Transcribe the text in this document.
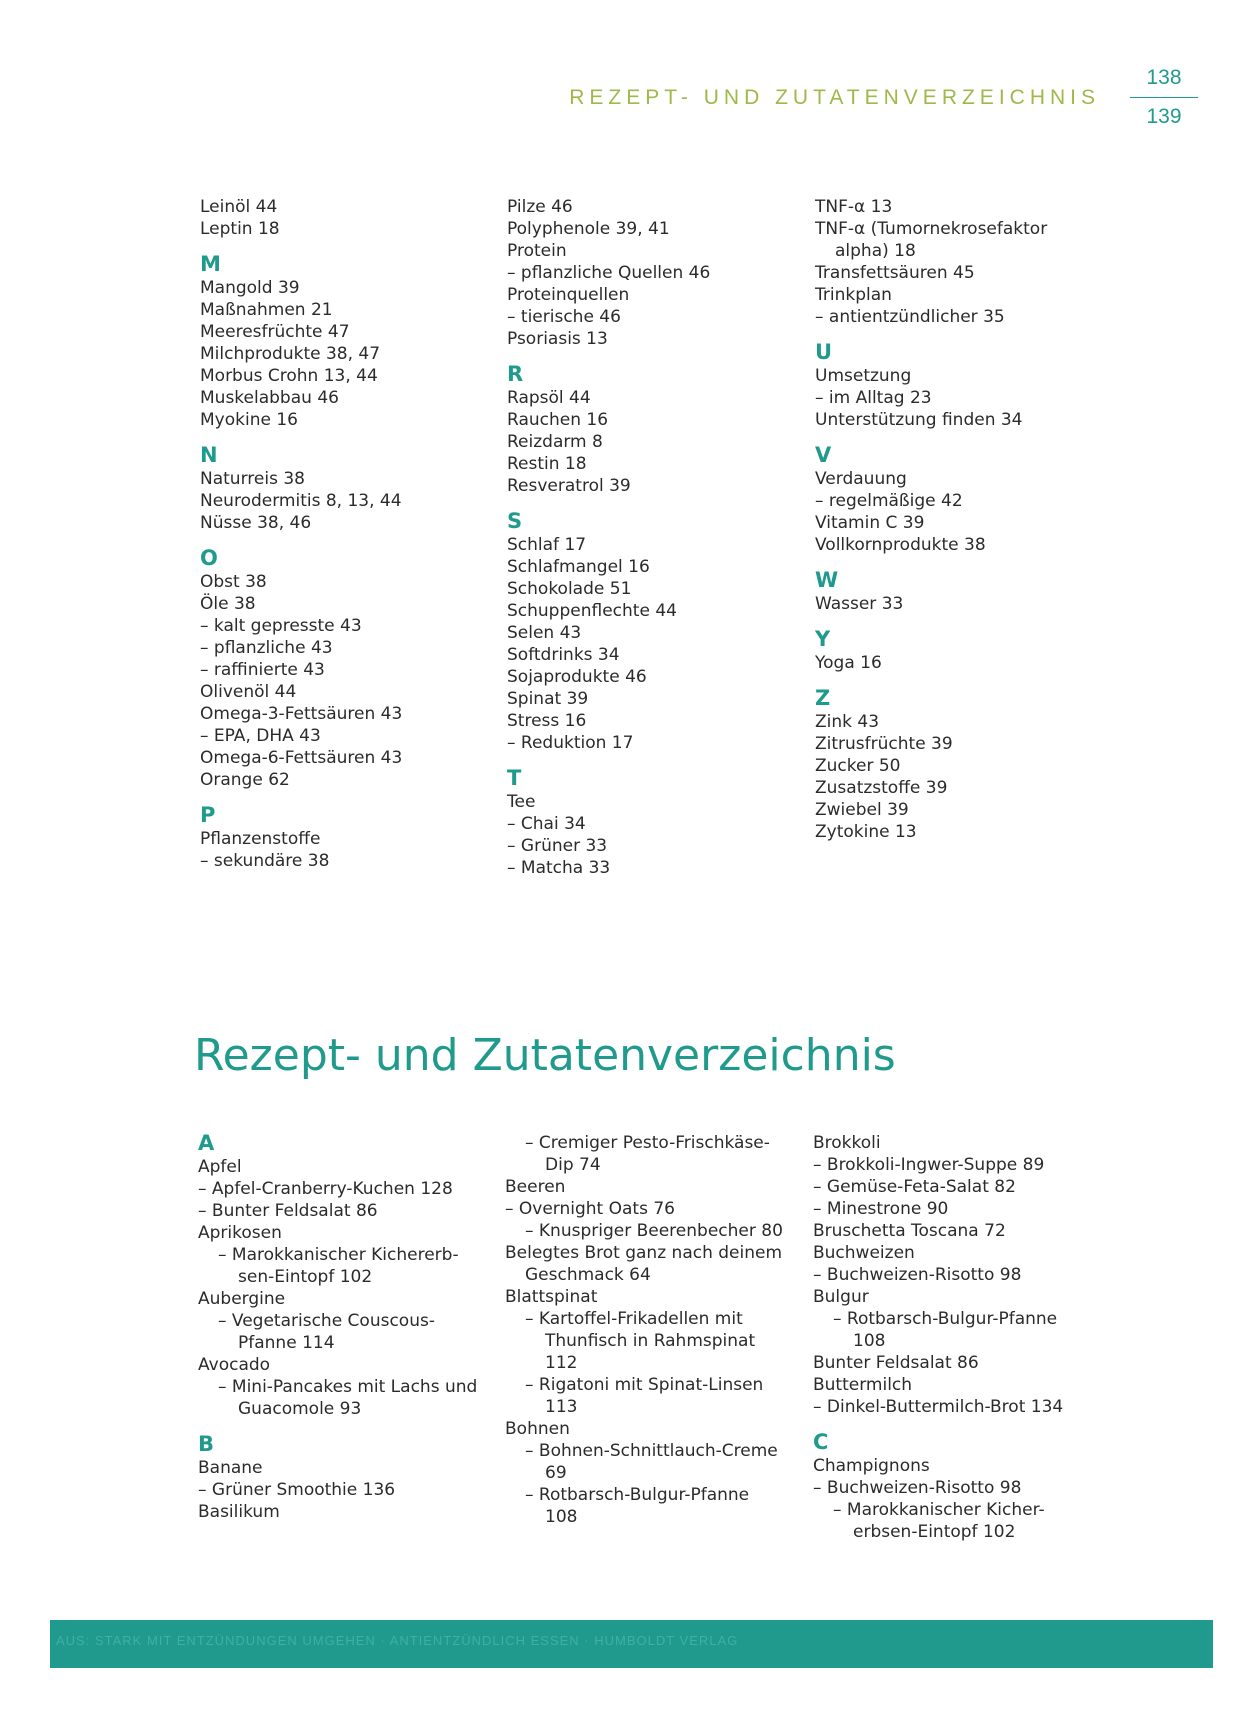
REZEPT- UND ZUTATENVERZEICHNIS
138
139
Leinöl 44
Leptin 18
M
Mangold 39
Maßnahmen 21
Meeresfrüchte 47
Milchprodukte 38, 47
Morbus Crohn 13, 44
Muskelabbau 46
Myokine 16
N
Naturreis 38
Neurodermitis 8, 13, 44
Nüsse 38, 46
O
Obst 38
Öle 38
– kalt gepresste 43
– pflanzliche 43
– raffinierte 43
Olivenöl 44
Omega-3-Fettsäuren 43
– EPA, DHA 43
Omega-6-Fettsäuren 43
Orange 62
P
Pflanzenstoffe
– sekundäre 38
Pilze 46
Polyphenole 39, 41
Protein
– pflanzliche Quellen 46
Proteinquellen
– tierische 46
Psoriasis 13
R
Rapsöl 44
Rauchen 16
Reizdarm 8
Restin 18
Resveratrol 39
S
Schlaf 17
Schlafmangel 16
Schokolade 51
Schuppenflechte 44
Selen 43
Softdrinks 34
Sojaprodukte 46
Spinat 39
Stress 16
– Reduktion 17
T
Tee
– Chai 34
– Grüner 33
– Matcha 33
TNF-α 13
TNF-α (Tumornekrosefaktor alpha) 18
Transfettsäuren 45
Trinkplan
– antientzündlicher 35
U
Umsetzung
– im Alltag 23
Unterstützung finden 34
V
Verdauung
– regelmäßige 42
Vitamin C 39
Vollkornprodukte 38
W
Wasser 33
Y
Yoga 16
Z
Zink 43
Zitrusfrüchte 39
Zucker 50
Zusatzstoffe 39
Zwiebel 39
Zytokine 13
Rezept- und Zutatenverzeichnis
A
Apfel
– Apfel-Cranberry-Kuchen 128
– Bunter Feldsalat 86
Aprikosen
– Marokkanischer Kichererb-sen-Eintopf 102
Aubergine
– Vegetarische Couscous-Pfanne 114
Avocado
– Mini-Pancakes mit Lachs und Guacomole 93
B
Banane
– Grüner Smoothie 136
Basilikum
– Cremiger Pesto-Frischkäse-Dip 74
Beeren
– Overnight Oats 76
– Knuspriger Beerenbecher 80
Belegtes Brot ganz nach deinem Geschmack 64
Blattspinat
– Kartoffel-Frikadellen mit Thunfisch in Rahmspinat 112
– Rigatoni mit Spinat-Linsen 113
Bohnen
– Bohnen-Schnittlauch-Creme 69
– Rotbarsch-Bulgur-Pfanne 108
Brokkoli
– Brokkoli-Ingwer-Suppe 89
– Gemüse-Feta-Salat 82
– Minestrone 90
Bruschetta Toscana 72
Buchweizen
– Buchweizen-Risotto 98
Bulgur
– Rotbarsch-Bulgur-Pfanne 108
Bunter Feldsalat 86
Buttermilch
– Dinkel-Buttermilch-Brot 134
C
Champignons
– Buchweizen-Risotto 98
– Marokkanischer Kicher-erbsen-Eintopf 102
AUS: STARK MIT ENTZÜNDUNGEN UMGEHEN · ANTIENTZÜNDLICH ESSEN · HUMBOLDT VERLAG
